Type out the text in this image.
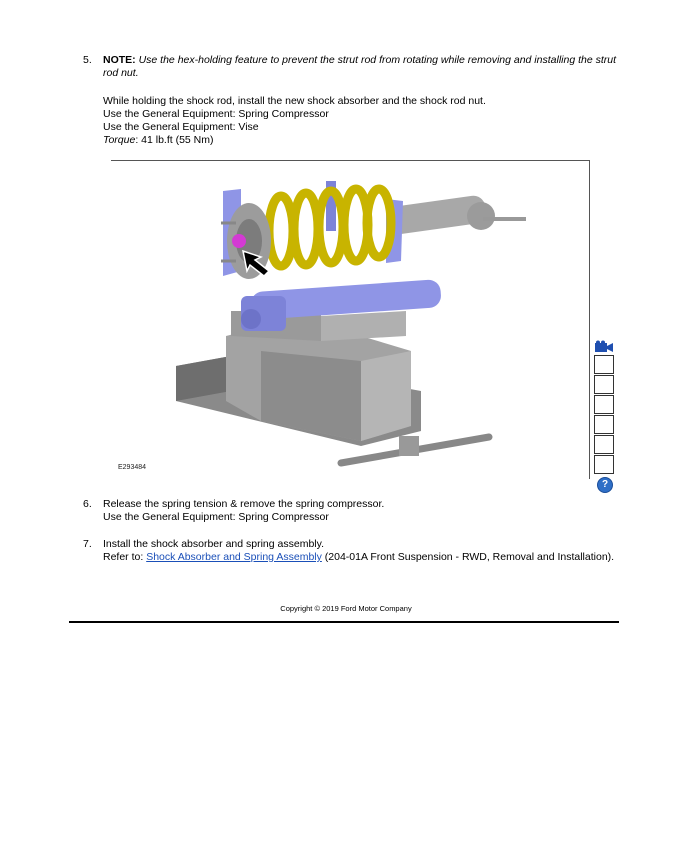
5. NOTE: Use the hex-holding feature to prevent the strut rod from rotating while removing and installing the strut rod nut.

While holding the shock rod, install the new shock absorber and the shock rod nut.

Use the General Equipment: Spring Compressor

Use the General Equipment: Vise

Torque: 41 lb.ft (55 Nm)

E293484
?
6. Release the spring tension & remove the spring compressor.

Use the General Equipment: Spring Compressor

7. Install the shock absorber and spring assembly.

Refer to: Shock Absorber and Spring Assembly (204-01A Front Suspension - RWD, Removal and Installation).

Copyright © 2019 Ford Motor Company
